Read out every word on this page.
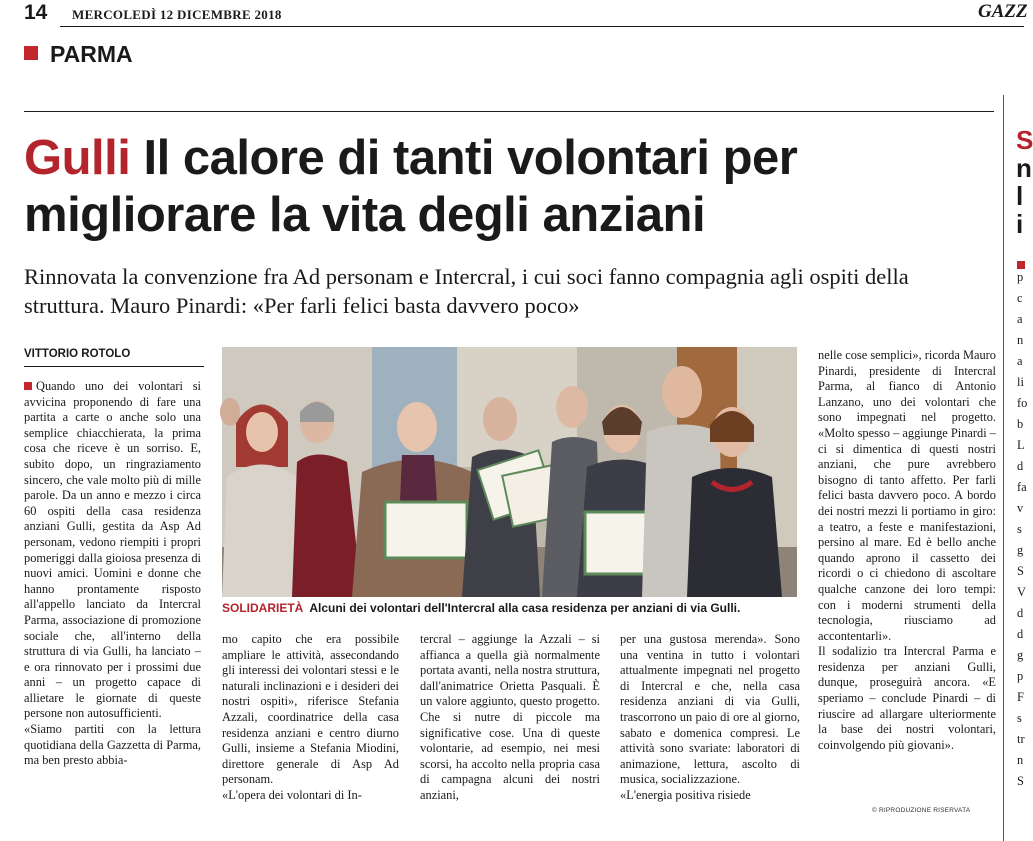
14 MERCOLEDÌ 12 DICEMBRE 2018	GAZZ
PARMA
Gulli Il calore di tanti volontari per migliorare la vita degli anziani

Rinnovata la convenzione fra Ad personam e Intercral, i cui soci fanno compagnia agli ospiti della struttura. Mauro Pinardi: «Per farli felici basta davvero poco»

VITTORIO ROTOLO

Quando uno dei volontari si avvicina proponendo di fare una partita a carte o anche solo una semplice chiacchierata, la prima cosa che riceve è un sorriso. E, subito dopo, un ringraziamento sincero, che vale molto più di mille parole. Da un anno e mezzo i circa 60 ospiti della casa residenza anziani Gulli, gestita da Asp Ad personam, vedono riempiti i propri pomeriggi dalla gioiosa presenza di nuovi amici. Uomini e donne che hanno prontamente risposto all'appello lanciato da Intercral Parma, associazione di promozione sociale che, all'interno della struttura di via Gulli, ha lanciato – e ora rinnovato per i prossimi due anni – un progetto capace di allietare le giornate di queste persone non autosufficienti.

«Siamo partiti con la lettura quotidiana della Gazzetta di Parma, ma ben presto abbia-

SOLIDARIETÀ Alcuni dei volontari dell'Intercral alla casa residenza per anziani di via Gulli.

mo capito che era possibile ampliare le attività, assecondando gli interessi dei volontari stessi e le naturali inclinazioni e i desideri dei nostri ospiti», riferisce Stefania Azzali, coordinatrice della casa residenza anziani e centro diurno Gulli, insieme a Stefania Miodini, direttore generale di Asp Ad personam.

«L'opera dei volontari di In-

tercral – aggiunge la Azzali – si affianca a quella già normalmente portata avanti, nella nostra struttura, dall'animatrice Orietta Pasquali. È un valore aggiunto, questo progetto. Che si nutre di piccole ma significative cose. Una di queste volontarie, ad esempio, nei mesi scorsi, ha accolto nella propria casa di campagna alcuni dei nostri anziani,

per una gustosa merenda». Sono una ventina in tutto i volontari attualmente impegnati nel progetto di Intercral e che, nella casa residenza anziani di via Gulli, trascorrono un paio di ore al giorno, sabato e domenica compresi. Le attività sono svariate: laboratori di animazione, lettura, ascolto di musica, socializzazione.

«L'energia positiva risiede

nelle cose semplici», ricorda Mauro Pinardi, presidente di Intercral Parma, al fianco di Antonio Lanzano, uno dei volontari che sono impegnati nel progetto. «Molto spesso – aggiunge Pinardi – ci si dimentica di questi nostri anziani, che pure avrebbero bisogno di tanto affetto. Per farli felici basta davvero poco. A bordo dei nostri mezzi li portiamo in giro: a teatro, a feste e manifestazioni, persino al mare. Ed è bello anche quando aprono il cassetto dei ricordi o ci chiedono di ascoltare qualche canzone dei loro tempi: con i moderni strumenti della tecnologia, riusciamo ad accontentarli».

Il sodalizio tra Intercral Parma e residenza per anziani Gulli, dunque, proseguirà ancora. «E speriamo – conclude Pinardi – di riuscire ad allargare ulteriormente la base dei nostri volontari, coinvolgendo più giovani».

© RIPRODUZIONE RISERVATA
S
n
l
i
p
c
a
n
a
li
fo
b
L
d
fa
v
s
g
S
V
d
d
g
p
F
s
tr
n
S
